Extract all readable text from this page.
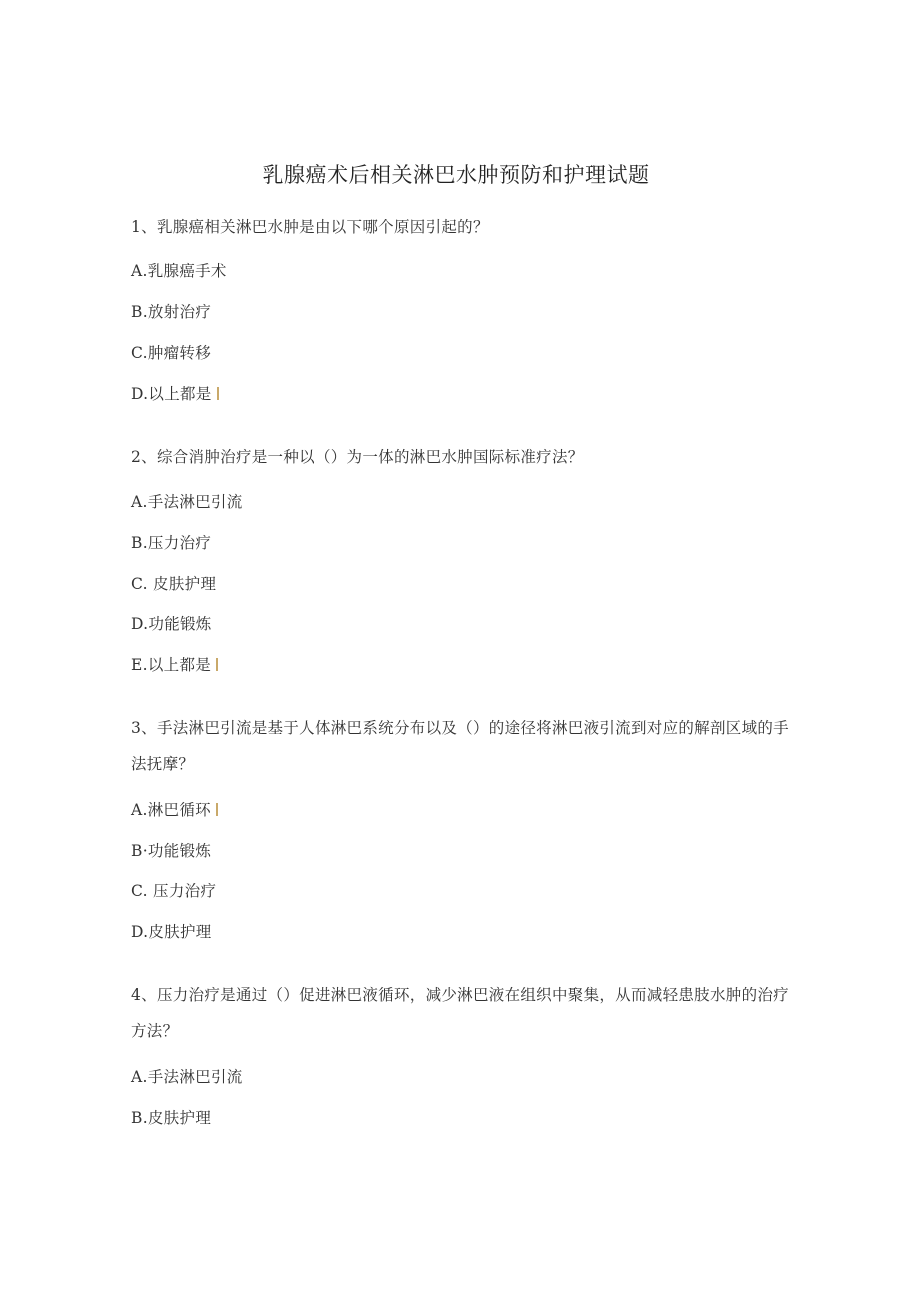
乳腺癌术后相关淋巴水肿预防和护理试题
1、乳腺癌相关淋巴水肿是由以下哪个原因引起的？
A.乳腺癌手术
B.放射治疗
C.肿瘤转移
D.以上都是
2、综合消肿治疗是一种以（）为一体的淋巴水肿国际标准疗法？
A.手法淋巴引流
B.压力治疗
C. 皮肤护理
D.功能锻炼
E.以上都是
3、手法淋巴引流是基于人体淋巴系统分布以及（）的途径将淋巴液引流到对应的解剖区域的手法抚摩？
A.淋巴循环
B·功能锻炼
C. 压力治疗
D.皮肤护理
4、压力治疗是通过（）促进淋巴液循环，减少淋巴液在组织中聚集，从而减轻患肢水肿的治疗方法？
A.手法淋巴引流
B.皮肤护理
